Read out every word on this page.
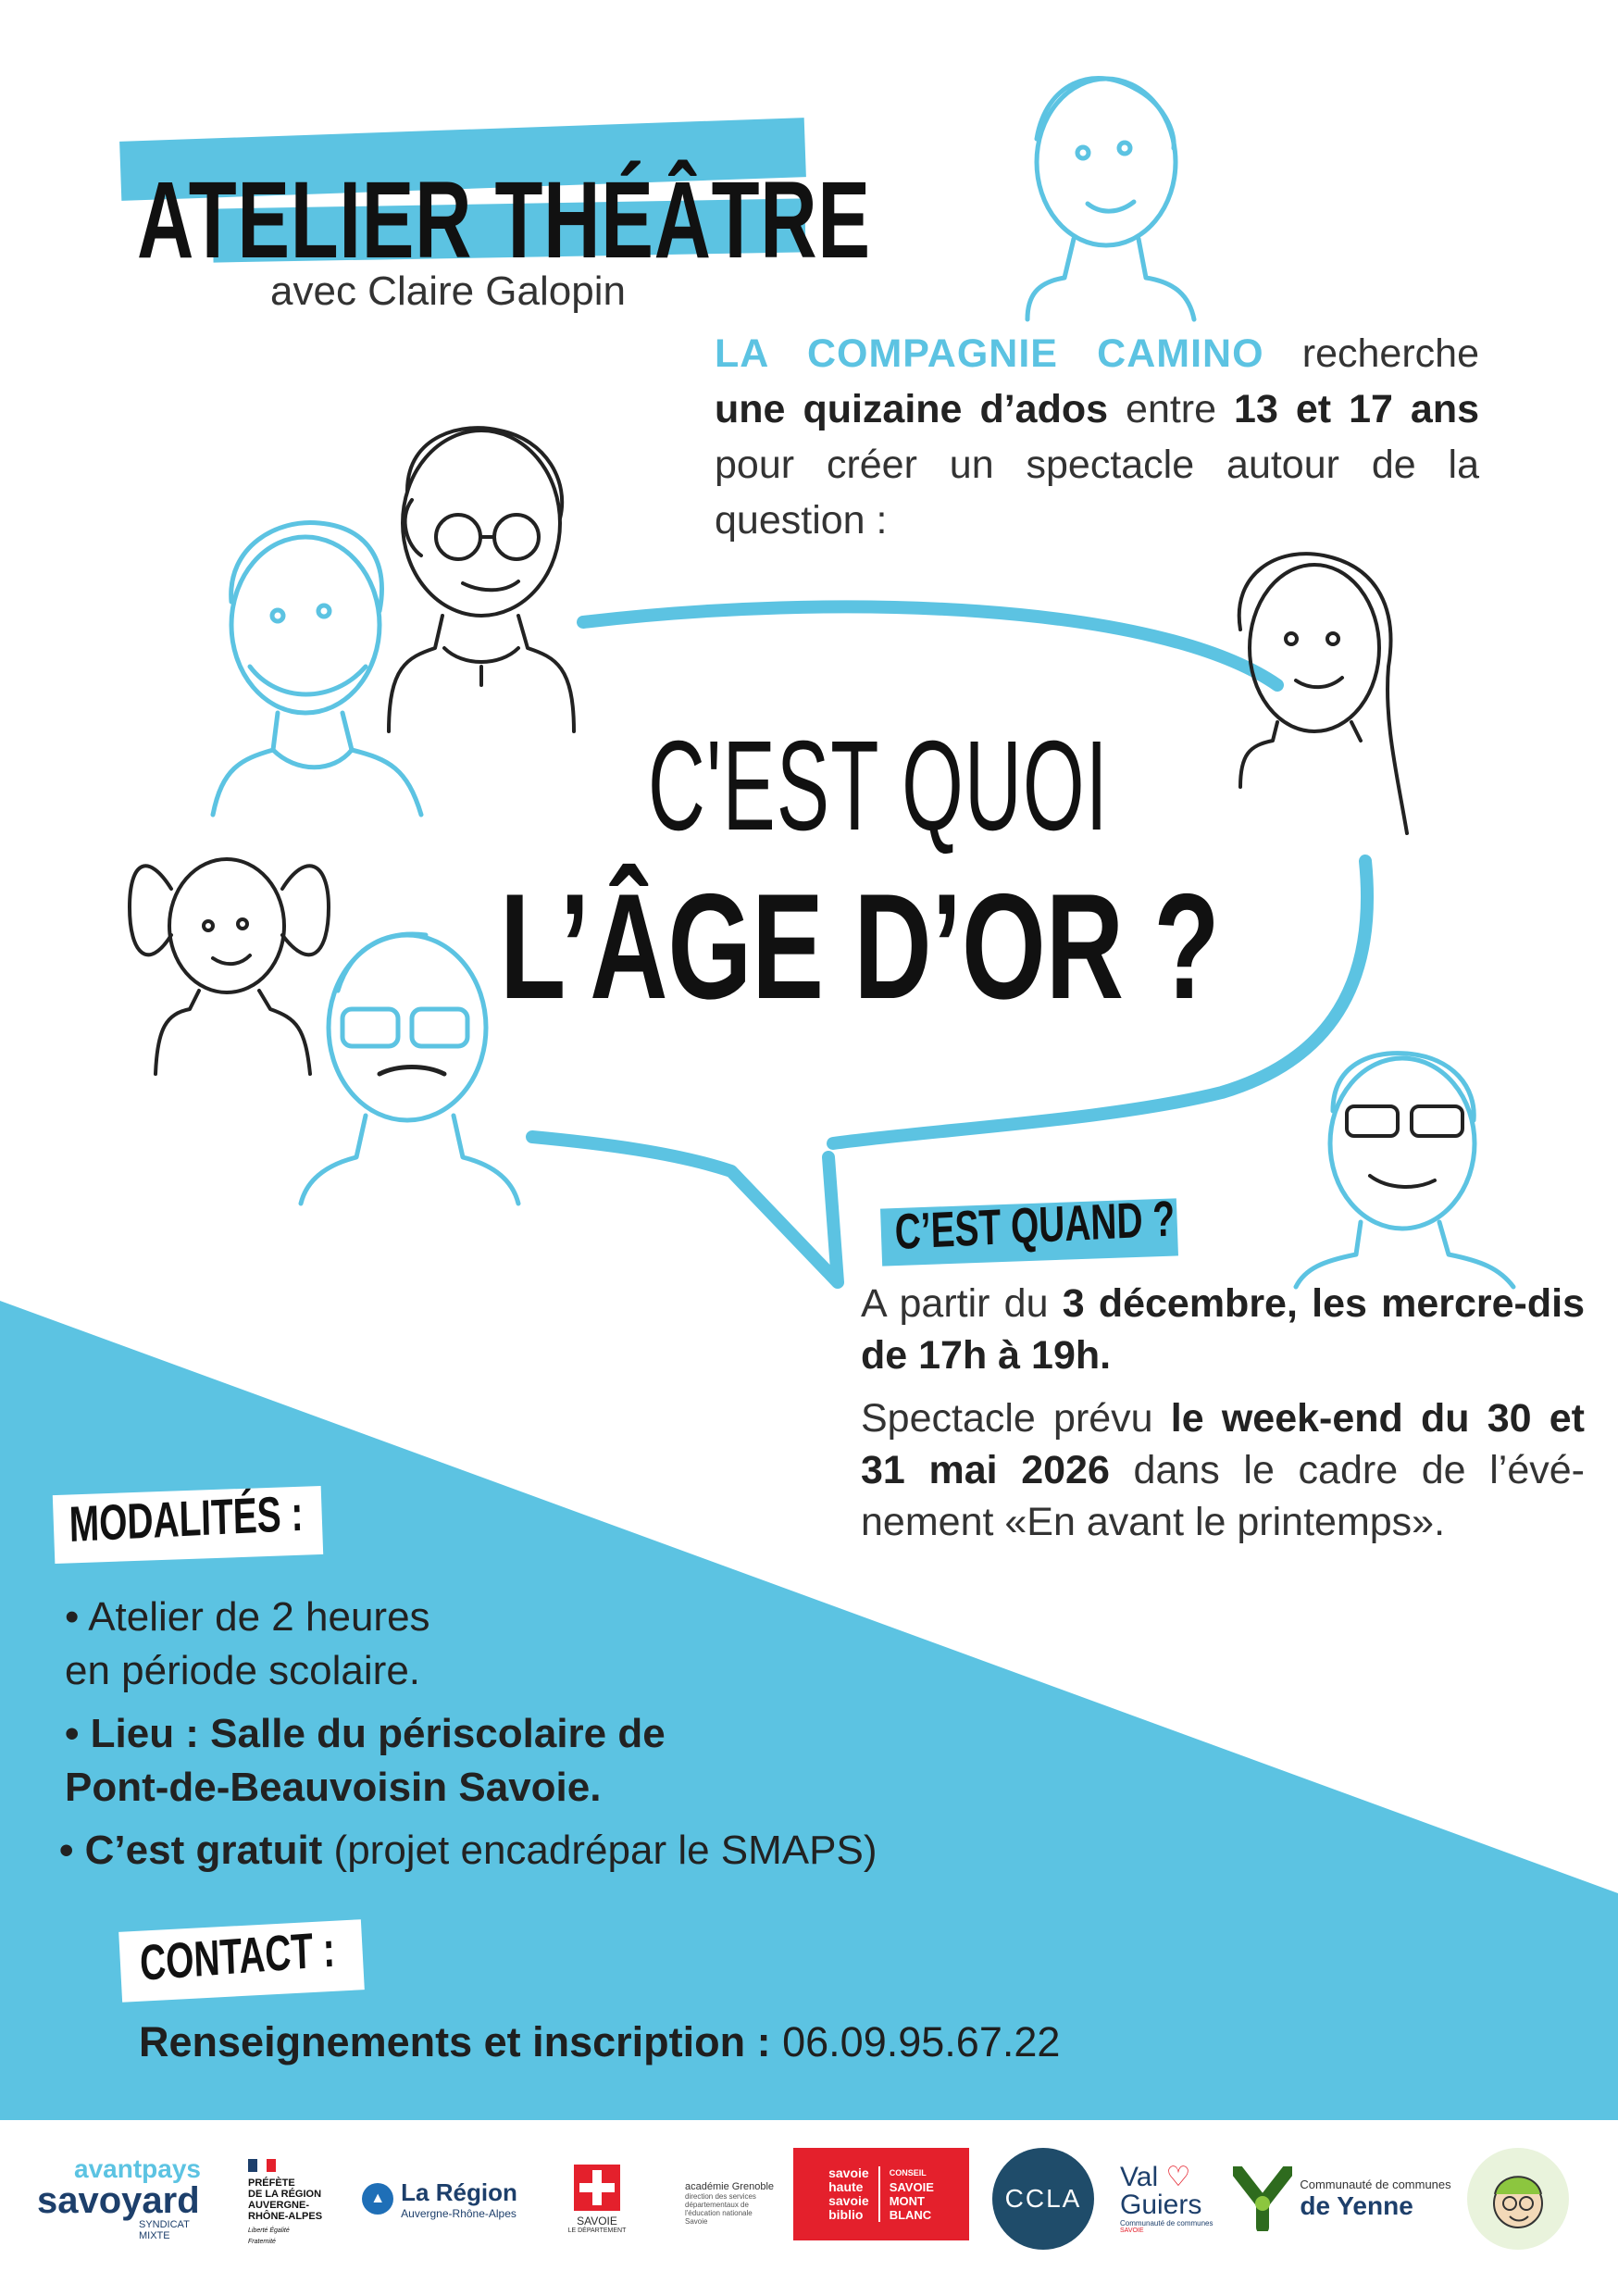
ATELIER THÉÂTRE
avec Claire Galopin
LA COMPAGNIE CAMINO recherche une quizaine d’ados entre 13 et 17 ans pour créer un spectacle autour de la question :
C'EST QUOI
L’ÂGE D’OR ?
C’EST QUAND ?

A partir du 3 décembre, les mercre-dis de 17h à 19h.

Spectacle prévu le week-end du 30 et 31 mai 2026 dans le cadre de l’évé-nement «En avant le printemps».

MODALITÉS :
• Atelier de 2 heures
en période scolaire.
• Lieu : Salle du périscolaire de
Pont-de-Beauvoisin Savoie.
• C’est gratuit (projet encadrépar le SMAPS)
CONTACT :
Renseignements et inscription : 06.09.95.67.22
avantpays
savoyard
SYNDICAT MIXTE
PRÉFÈTE
DE LA RÉGION
AUVERGNE-
RHÔNE-ALPES
Liberté Égalité Fraternité
▲ La Région
Auvergne-Rhône-Alpes
SAVOIE
LE DÉPARTEMENT
académie Grenoble
direction des services départementaux de l'éducation nationale Savoie
savoie
haute
savoie
biblio
CONSEIL
SAVOIE
MONT
BLANC
CCLA
Val ♡
Guiers
Communauté de communes
SAVOIE
Communauté de communes
de Yenne
